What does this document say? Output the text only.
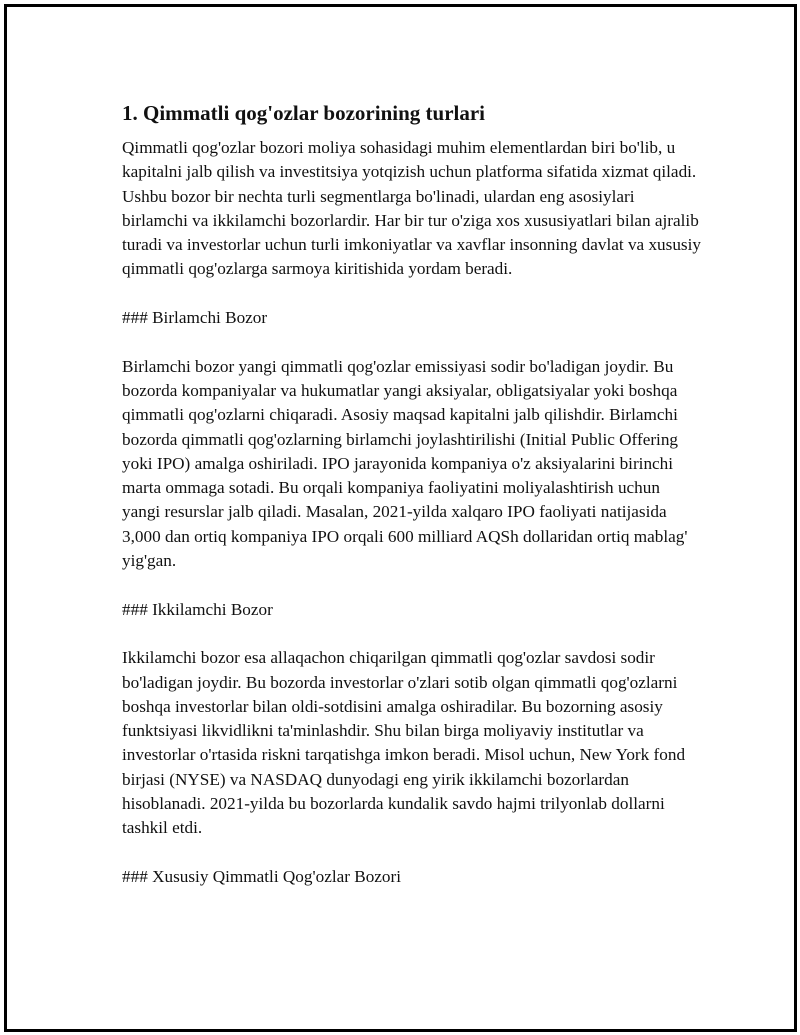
1. Qimmatli qog'ozlar bozorining turlari
Qimmatli qog'ozlar bozori moliya sohasidagi muhim elementlardan biri bo'lib, u kapitalni jalb qilish va investitsiya yotqizish uchun platforma sifatida xizmat qiladi. Ushbu bozor bir nechta turli segmentlarga bo'linadi, ulardan eng asosiylari birlamchi va ikkilamchi bozorlardir. Har bir tur o'ziga xos xususiyatlari bilan ajralib turadi va investorlar uchun turli imkoniyatlar va xavflar insonning davlat va xususiy qimmatli qog'ozlarga sarmoya kiritishida yordam beradi.
### Birlamchi Bozor
Birlamchi bozor yangi qimmatli qog'ozlar emissiyasi sodir bo'ladigan joydir. Bu bozorda kompaniyalar va hukumatlar yangi aksiyalar, obligatsiyalar yoki boshqa qimmatli qog'ozlarni chiqaradi. Asosiy maqsad kapitalni jalb qilishdir. Birlamchi bozorda qimmatli qog'ozlarning birlamchi joylashtirilishi (Initial Public Offering yoki IPO) amalga oshiriladi. IPO jarayonida kompaniya o'z aksiyalarini birinchi marta ommaga sotadi. Bu orqali kompaniya faoliyatini moliyalashtirish uchun yangi resurslar jalb qiladi. Masalan, 2021-yilda xalqaro IPO faoliyati natijasida 3,000 dan ortiq kompaniya IPO orqali 600 milliard AQSh dollaridan ortiq mablag' yig'gan.
### Ikkilamchi Bozor
Ikkilamchi bozor esa allaqachon chiqarilgan qimmatli qog'ozlar savdosi sodir bo'ladigan joydir. Bu bozorda investorlar o'zlari sotib olgan qimmatli qog'ozlarni boshqa investorlar bilan oldi-sotdisini amalga oshiradilar. Bu bozorning asosiy funktsiyasi likvidlikni ta'minlashdir. Shu bilan birga moliyaviy institutlar va investorlar o'rtasida riskni tarqatishga imkon beradi. Misol uchun, New York fond birjasi (NYSE) va NASDAQ dunyodagi eng yirik ikkilamchi bozorlardan hisoblanadi. 2021-yilda bu bozorlarda kundalik savdo hajmi trilyonlab dollarni tashkil etdi.
### Xususiy Qimmatli Qog'ozlar Bozori
